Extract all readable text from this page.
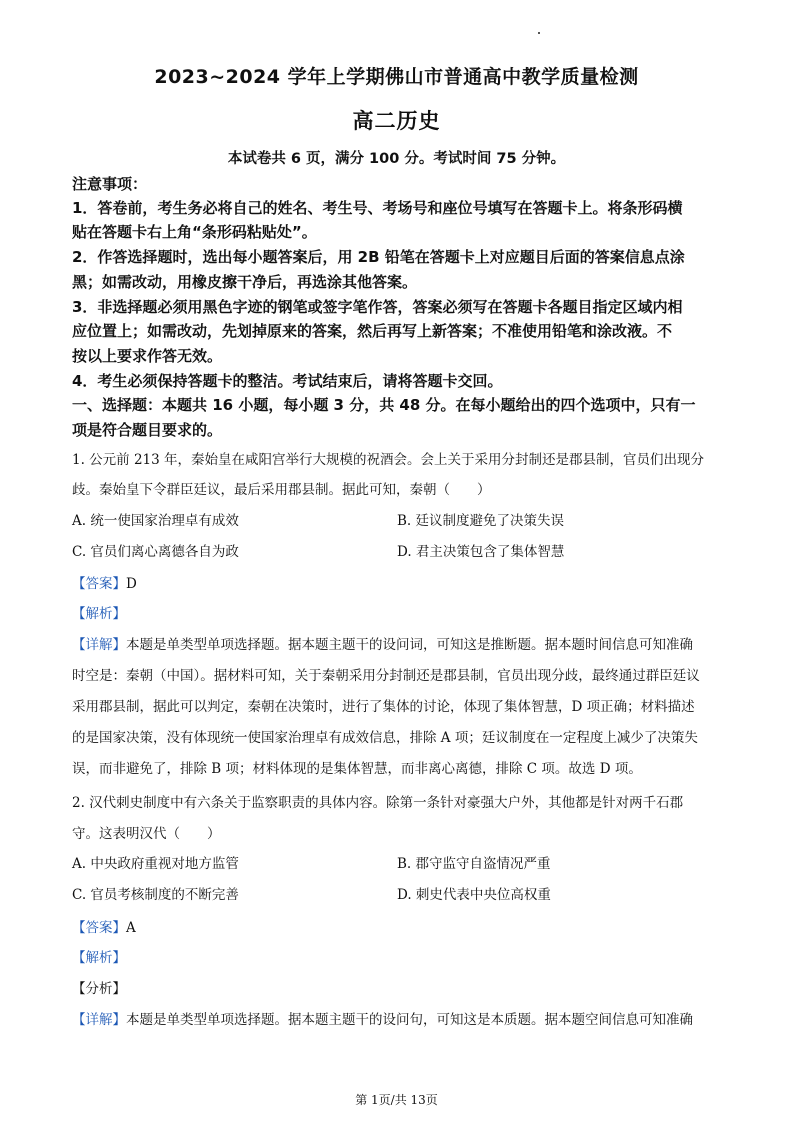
2023~2024 学年上学期佛山市普通高中教学质量检测
高二历史
本试卷共 6 页，满分 100 分。考试时间 75 分钟。
注意事项：
1．答卷前，考生务必将自己的姓名、考生号、考场号和座位号填写在答题卡上。将条形码横
贴在答题卡右上角“条形码粘贴处”。
2．作答选择题时，选出每小题答案后，用 2B 铅笔在答题卡上对应题目后面的答案信息点涂
黑；如需改动，用橡皮擦干净后，再选涂其他答案。
3．非选择题必须用黑色字迹的钢笔或签字笔作答，答案必须写在答题卡各题目指定区域内相
应位置上；如需改动，先划掉原来的答案，然后再写上新答案；不准使用铅笔和涂改液。不
按以上要求作答无效。
4．考生必须保持答题卡的整洁。考试结束后，请将答题卡交回。
一、选择题：本题共 16 小题，每小题 3 分，共 48 分。在每小题给出的四个选项中，只有一
项是符合题目要求的。
1. 公元前 213 年，秦始皇在咸阳宫举行大规模的祝酒会。会上关于采用分封制还是郡县制，官员们出现分
歧。秦始皇下令群臣廷议，最后采用郡县制。据此可知，秦朝（　　）
A. 统一使国家治理卓有成效	B. 廷议制度避免了决策失误
C. 官员们离心离德各自为政	D. 君主决策包含了集体智慧
【答案】D
【解析】
【详解】本题是单类型单项选择题。据本题主题干的设问词，可知这是推断题。据本题时间信息可知准确
时空是：秦朝（中国）。据材料可知，关于秦朝采用分封制还是郡县制，官员出现分歧，最终通过群臣廷议
采用郡县制，据此可以判定，秦朝在决策时，进行了集体的讨论，体现了集体智慧，D 项正确；材料描述
的是国家决策，没有体现统一使国家治理卓有成效信息，排除 A 项；廷议制度在一定程度上减少了决策失
误，而非避免了，排除 B 项；材料体现的是集体智慧，而非离心离德，排除 C 项。故选 D 项。
2. 汉代刺史制度中有六条关于监察职责的具体内容。除第一条针对豪强大户外，其他都是针对两千石郡
守。这表明汉代（　　）
A. 中央政府重视对地方监管	B. 郡守监守自盗情况严重
C. 官员考核制度的不断完善	D. 刺史代表中央位高权重
【答案】A
【解析】
【分析】
【详解】本题是单类型单项选择题。据本题主题干的设问句，可知这是本质题。据本题空间信息可知准确
第 1页/共 13页
